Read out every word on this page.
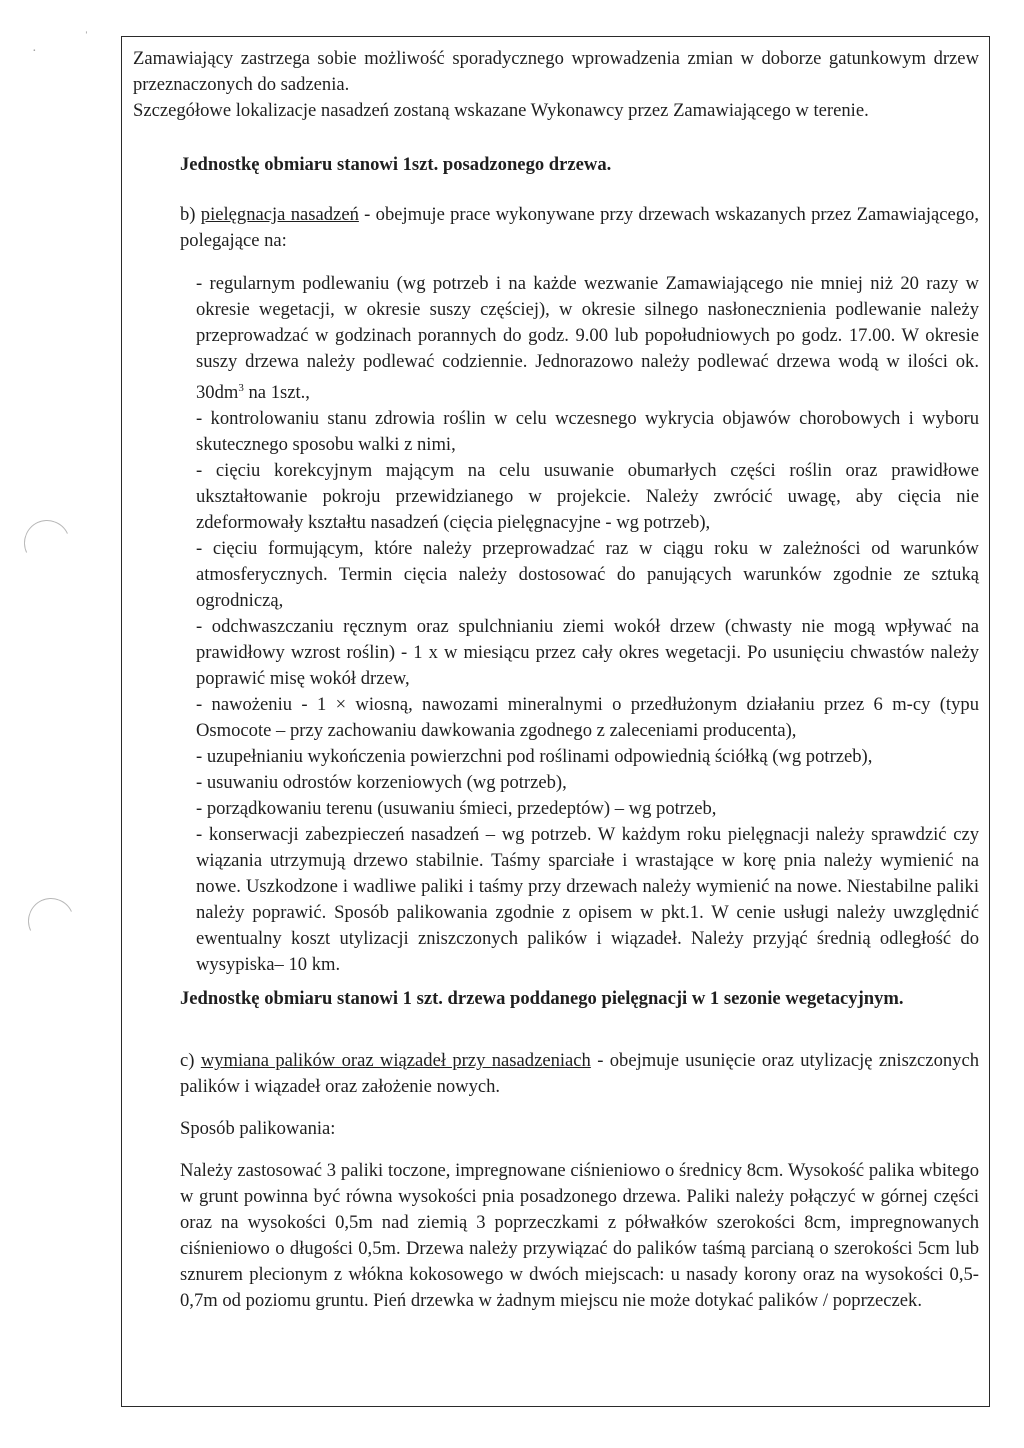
ˈ
·	Zamawiający zastrzega sobie możliwość sporadycznego wprowadzenia zmian w doborze gatunkowym drzew przeznaczonych do sadzenia.

Szczegółowe lokalizacje nasadzeń zostaną wskazane Wykonawcy przez Zamawiającego w terenie.

Jednostkę obmiaru stanowi 1szt. posadzonego drzewa.

b) pielęgnacja nasadzeń - obejmuje prace wykonywane przy drzewach wskazanych przez Zamawiającego, polegające na:

- regularnym podlewaniu (wg potrzeb i na każde wezwanie Zamawiającego nie mniej niż 20 razy w okresie wegetacji, w okresie suszy częściej), w okresie silnego nasłonecznienia podlewanie należy przeprowadzać w godzinach porannych do godz. 9.00 lub popołudniowych po godz. 17.00. W okresie suszy drzewa należy podlewać codziennie. Jednorazowo należy podlewać drzewa wodą w ilości ok. $30dm^3$ na 1szt.,

- kontrolowaniu stanu zdrowia roślin w celu wczesnego wykrycia objawów chorobowych i wyboru skutecznego sposobu walki z nimi,

- cięciu korekcyjnym mającym na celu usuwanie obumarłych części roślin oraz prawidłowe ukształtowanie pokroju przewidzianego w projekcie. Należy zwrócić uwagę, aby cięcia nie zdeformowały kształtu nasadzeń (cięcia pielęgnacyjne - wg potrzeb),

- cięciu formującym, które należy przeprowadzać raz w ciągu roku w zależności od warunków atmosferycznych. Termin cięcia należy dostosować do panujących warunków zgodnie ze sztuką ogrodniczą,

- odchwaszczaniu ręcznym oraz spulchnianiu ziemi wokół drzew (chwasty nie mogą wpływać na prawidłowy wzrost roślin) - 1 x w miesiącu przez cały okres wegetacji. Po usunięciu chwastów należy poprawić misę wokół drzew,

- nawożeniu - 1 × wiosną, nawozami mineralnymi o przedłużonym działaniu przez 6 m-cy (typu Osmocote – przy zachowaniu dawkowania zgodnego z zaleceniami producenta),

- uzupełnianiu wykończenia powierzchni pod roślinami odpowiednią ściółką (wg potrzeb),

- usuwaniu odrostów korzeniowych (wg potrzeb),

- porządkowaniu terenu (usuwaniu śmieci, przedeptów) – wg potrzeb,

- konserwacji zabezpieczeń nasadzeń – wg potrzeb. W każdym roku pielęgnacji należy sprawdzić czy wiązania utrzymują drzewo stabilnie. Taśmy sparciałe i wrastające w korę pnia należy wymienić na nowe. Uszkodzone i wadliwe paliki i taśmy przy drzewach należy wymienić na nowe. Niestabilne paliki należy poprawić. Sposób palikowania zgodnie z opisem w pkt.1. W cenie usługi należy uwzględnić ewentualny koszt utylizacji zniszczonych palików i wiązadeł. Należy przyjąć średnią odległość do wysypiska– 10 km.

Jednostkę obmiaru stanowi 1 szt. drzewa poddanego pielęgnacji w 1 sezonie wegetacyjnym.

c) wymiana palików oraz wiązadeł przy nasadzeniach - obejmuje usunięcie oraz utylizację zniszczonych palików i wiązadeł oraz założenie nowych.

Sposób palikowania:

Należy zastosować 3 paliki toczone, impregnowane ciśnieniowo o średnicy 8cm. Wysokość palika wbitego w grunt powinna być równa wysokości pnia posadzonego drzewa. Paliki należy połączyć w górnej części oraz na wysokości 0,5m nad ziemią 3 poprzeczkami z półwałków szerokości 8cm, impregnowanych ciśnieniowo o długości 0,5m. Drzewa należy przywiązać do palików taśmą parcianą o szerokości 5cm lub sznurem plecionym z włókna kokosowego w dwóch miejscach: u nasady korony oraz na wysokości 0,5-0,7m od poziomu gruntu. Pień drzewka w żadnym miejscu nie może dotykać palików / poprzeczek.
